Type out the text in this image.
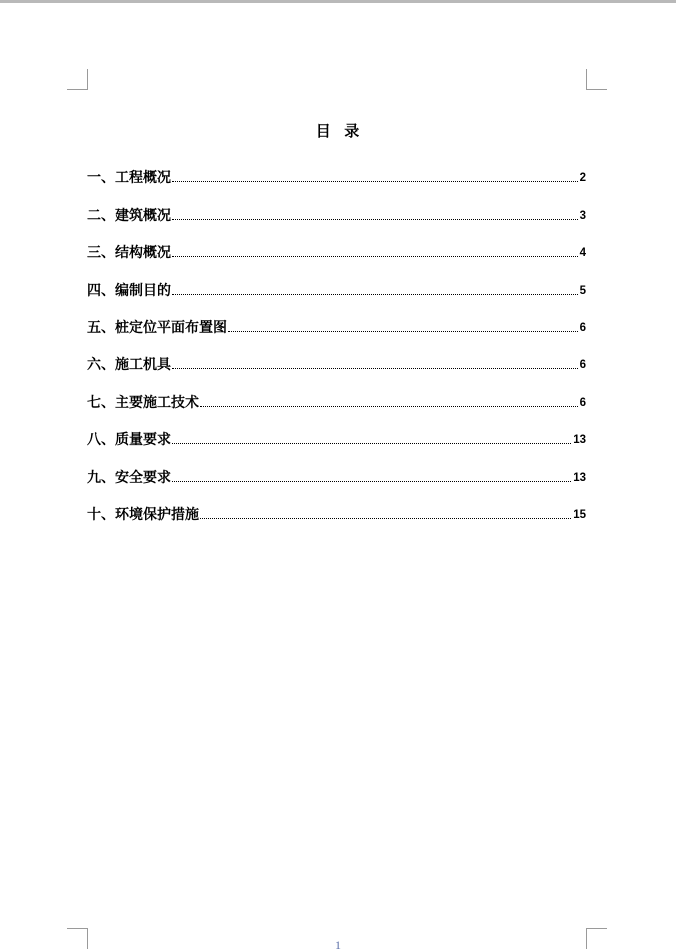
目  录
一、工程概况	2
二、建筑概况	3
三、结构概况	4
四、编制目的	5
五、桩定位平面布置图	6
六、施工机具	6
七、主要施工技术	6
八、质量要求	13
九、安全要求	13
十、环境保护措施	15
1
